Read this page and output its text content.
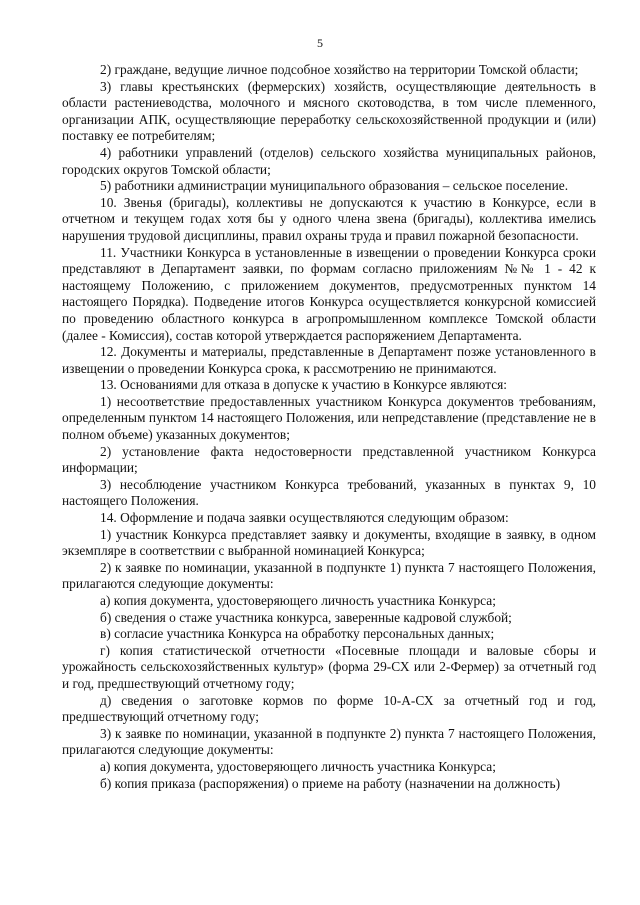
5

2) граждане, ведущие личное подсобное хозяйство на территории Томской области;

3) главы крестьянских (фермерских) хозяйств, осуществляющие деятельность в области растениеводства, молочного и мясного скотоводства, в том числе племенного, организации АПК, осуществляющие переработку сельскохозяйственной продукции и (или) поставку ее потребителям;

4) работники управлений (отделов) сельского хозяйства муниципальных районов, городских округов Томской области;

5) работники администрации муниципального образования – сельское поселение.

10. Звенья (бригады), коллективы не допускаются к участию в Конкурсе, если в отчетном и текущем годах хотя бы у одного члена звена (бригады), коллектива имелись нарушения трудовой дисциплины, правил охраны труда и правил пожарной безопасности.

11. Участники Конкурса в установленные в извещении о проведении Конкурса сроки представляют в Департамент заявки, по формам согласно приложениям №№ 1 - 42 к настоящему Положению, с приложением документов, предусмотренных пунктом 14 настоящего Порядка). Подведение итогов Конкурса осуществляется конкурсной комиссией по проведению областного конкурса в агропромышленном комплексе Томской области (далее - Комиссия), состав которой утверждается распоряжением Департамента.

12. Документы и материалы, представленные в Департамент позже установленного в извещении о проведении Конкурса срока, к рассмотрению не принимаются.

13. Основаниями для отказа в допуске к участию в Конкурсе являются:

1) несоответствие предоставленных участником Конкурса документов требованиям, определенным пунктом 14 настоящего Положения, или непредставление (представление не в полном объеме) указанных документов;

2) установление факта недостоверности представленной участником Конкурса информации;

3) несоблюдение участником Конкурса требований, указанных в пунктах 9, 10 настоящего Положения.

14. Оформление и подача заявки осуществляются следующим образом:

1) участник Конкурса представляет заявку и документы, входящие в заявку, в одном экземпляре в соответствии с выбранной номинацией Конкурса;

2) к заявке по номинации, указанной в подпункте 1) пункта 7 настоящего Положения, прилагаются следующие документы:

а) копия документа, удостоверяющего личность участника Конкурса;

б) сведения о стаже участника конкурса, заверенные кадровой службой;

в) согласие участника Конкурса на обработку персональных данных;

г) копия статистической отчетности «Посевные площади и валовые сборы и урожайность сельскохозяйственных культур» (форма 29-СХ или 2-Фермер) за отчетный год и год, предшествующий отчетному году;

д) сведения о заготовке кормов по форме 10-А-СХ за отчетный год и год, предшествующий отчетному году;

3) к заявке по номинации, указанной в подпункте 2) пункта 7 настоящего Положения, прилагаются следующие документы:

а) копия документа, удостоверяющего личность участника Конкурса;

б) копия приказа (распоряжения) о приеме на работу (назначении на должность)
